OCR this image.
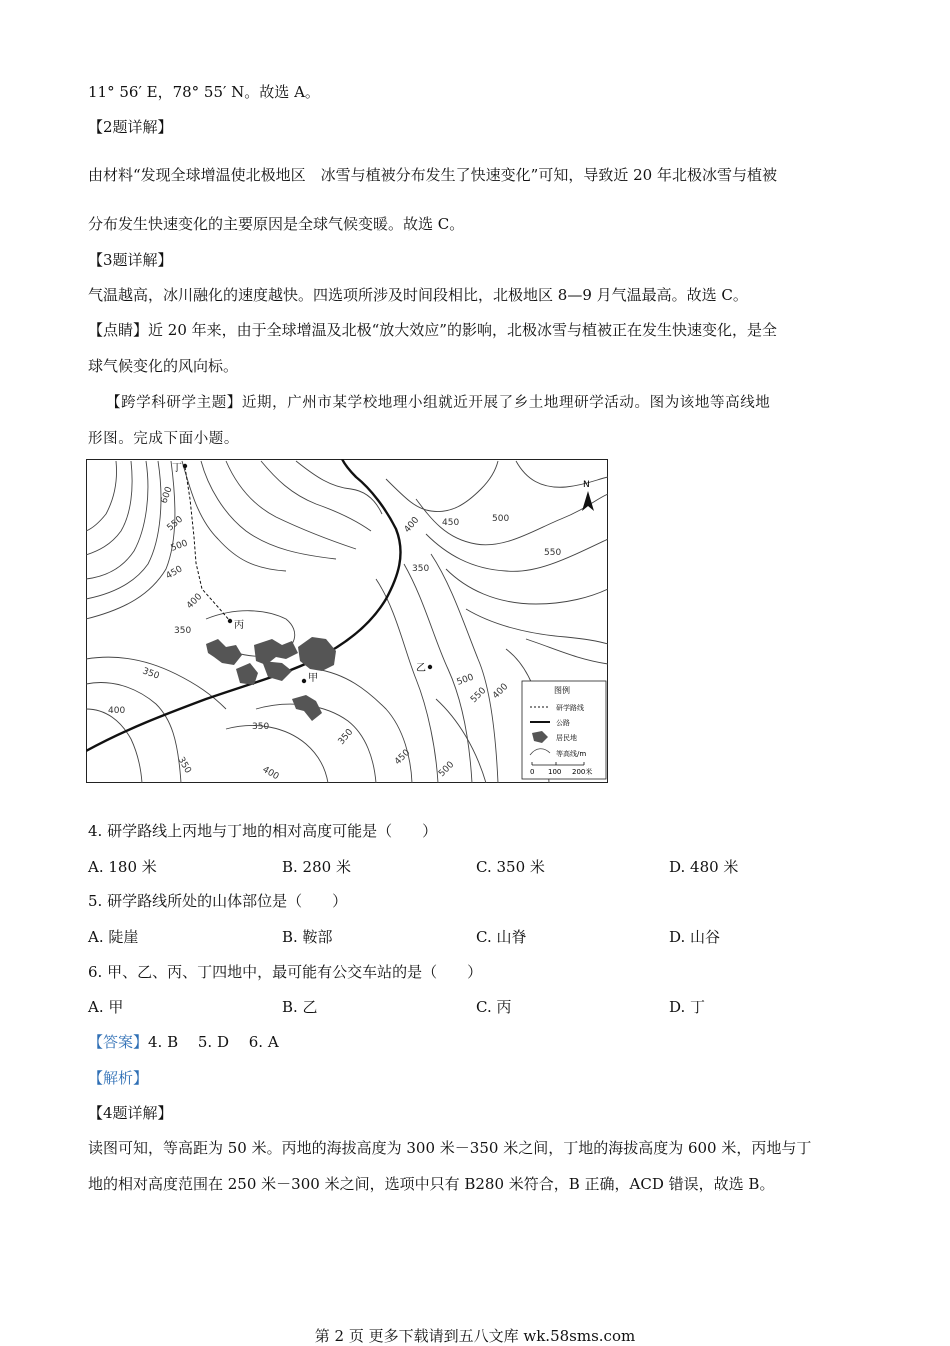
11° 56′ E，78° 55′ N。故选 A。
【2题详解】
由材料“发现全球增温使北极地区　冰雪与植被分布发生了快速变化”可知，导致近 20 年北极冰雪与植被
分布发生快速变化的主要原因是全球气候变暖。故选 C。
【3题详解】
气温越高，冰川融化的速度越快。四选项所涉及时间段相比，北极地区 8—9 月气温最高。故选 C。
【点睛】近 20 年来，由于全球增温及北极“放大效应”的影响，北极冰雪与植被正在发生快速变化，是全
球气候变化的风向标。
【跨学科研学主题】近期，广州市某学校地理小组就近开展了乡土地理研学活动。图为该地等高线地
形图。完成下面小题。
丁
丙
甲
乙
N
600
550
500
450
400
350
350
400
350
350
350
400
450
500
550
500
550
450
400
350
500
400	图例
研学路线
公路
居民地
等高线/m
0 100 200米
4. 研学路线上丙地与丁地的相对高度可能是（　　）
A. 180 米	B. 280 米	C. 350 米	D. 480 米
5. 研学路线所处的山体部位是（　　）
A. 陡崖	B. 鞍部	C. 山脊	D. 山谷
6. 甲、乙、丙、丁四地中，最可能有公交车站的是（　　）
A. 甲	B. 乙	C. 丙	D. 丁
【答案】4. B　 5. D　 6. A
【解析】
【4题详解】
读图可知，等高距为 50 米。丙地的海拔高度为 300 米－350 米之间，丁地的海拔高度为 600 米，丙地与丁
地的相对高度范围在 250 米－300 米之间，选项中只有 B280 米符合，B 正确，ACD 错误，故选 B。
第 2 页 更多下载请到五八文库 wk.58sms.com
